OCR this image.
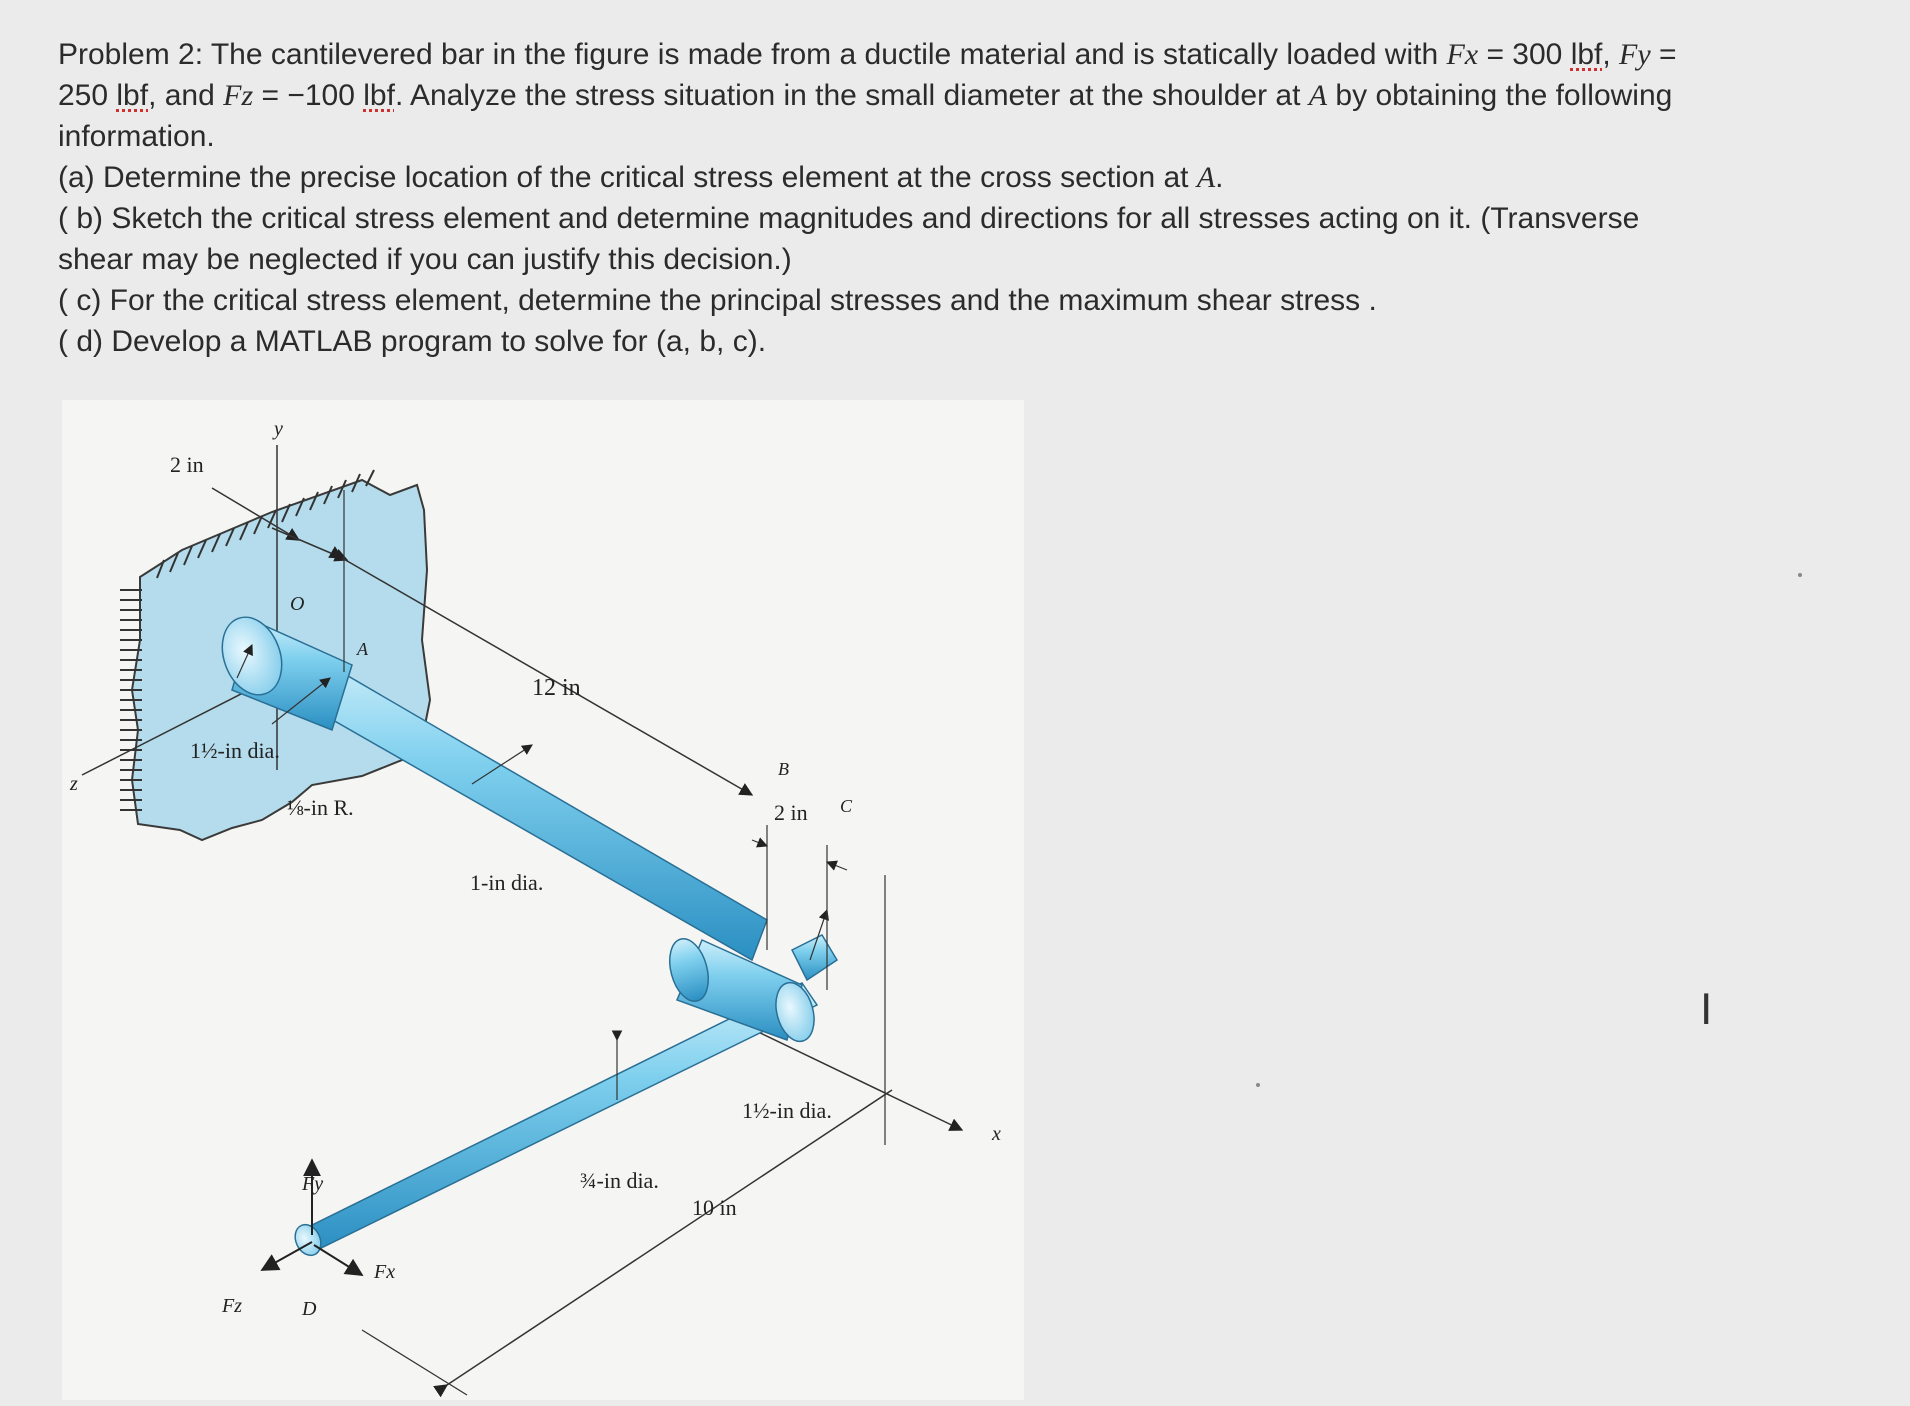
Problem 2: The cantilevered bar in the figure is made from a ductile material and is statically loaded with Fx = 300 lbf, Fy =
250 lbf, and Fz = −100 lbf. Analyze the stress situation in the small diameter at the shoulder at A by obtaining the following
information.
(a) Determine the precise location of the critical stress element at the cross section at A.
( b) Sketch the critical stress element and determine magnitudes and directions for all stresses acting on it. (Transverse
shear may be neglected if you can justify this decision.)
( c) For the critical stress element, determine the principal stresses and the maximum shear stress .
( d) Develop a MATLAB program to solve for (a, b, c).
y
z
x
2 in
O
A
12 in
1½-in dia.
⅛-in R.
1-in dia.
B
C
2 in
1½-in dia.
¾-in dia.
10 in
Fy
Fz
Fx
D
I
